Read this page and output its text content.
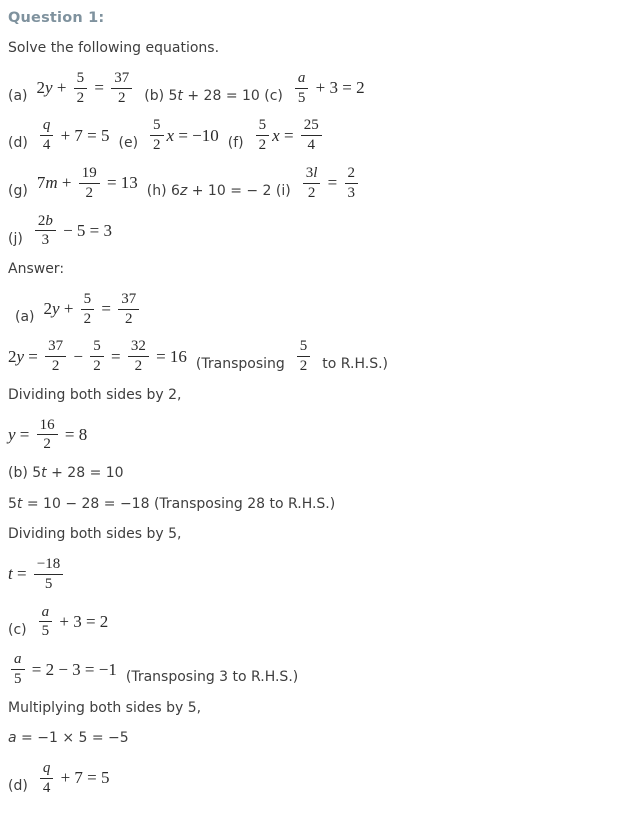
Question 1:
Solve the following equations.
(a) $2y + \frac{5}{2} = \frac{37}{2} (b) 5t + 28 = 10$ $(c) \frac{a}{5} + 3 = 2$
$(d) \frac{q}{4} + 7 = 5$ $(e) \frac{5}{2}$ x = −10 $(f) \frac{5}{2}$ $x = \frac{25}{4}$
(g) $7m + \frac{19}{2} = 13$ (h) 6z + 10 = − 2 $(i) \frac{3l}{2} = \frac{2}{3}$
$(j) \frac{2b}{3} - 5 = 3$
Answer:
(a) $2y + \frac{5}{2} = \frac{37}{2}$
$2y = \frac{37}{2} - \frac{5}{2} = \frac{32}{2} = 16$ (Transposing $\frac{5}{2}$ to R.H.S.)
Dividing both sides by 2,
$y = \frac{16}{2} = 8$
(b) 5t + 28 = 10
5t = 10 − 28 = −18 (Transposing 28 to R.H.S.)
Dividing both sides by 5,
$t = \frac{-18}{5}$
$(c) \frac{a}{5} + 3 = 2$
$\frac{a}{5} = 2 - 3 = -1$ (Transposing 3 to R.H.S.)
Multiplying both sides by 5,
a = −1 × 5 = −5
$(d) \frac{q}{4} + 7 = 5$
